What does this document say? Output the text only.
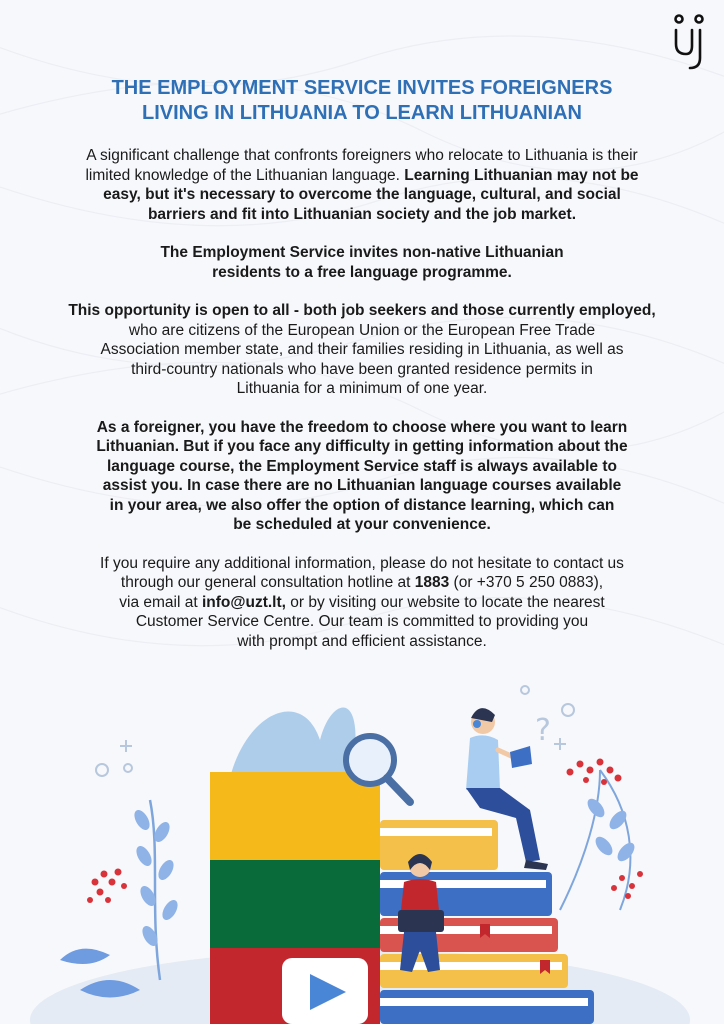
THE EMPLOYMENT SERVICE INVITES FOREIGNERS
LIVING IN LITHUANIA TO LEARN LITHUANIAN

A significant challenge that confronts foreigners who relocate to Lithuania is their
limited knowledge of the Lithuanian language. Learning Lithuanian may not be
easy, but it's necessary to overcome the language, cultural, and social
barriers and fit into Lithuanian society and the job market.

The Employment Service invites non-native Lithuanian
residents to a free language programme.

This opportunity is open to all - both job seekers and those currently employed,
who are citizens of the European Union or the European Free Trade
Association member state, and their families residing in Lithuania, as well as
third-country nationals who have been granted residence permits in
Lithuania for a minimum of one year.

As a foreigner, you have the freedom to choose where you want to learn
Lithuanian. But if you face any difficulty in getting information about the
language course, the Employment Service staff is always available to
assist you. In case there are no Lithuanian language courses available
in your area, we also offer the option of distance learning, which can
be scheduled at your convenience.

If you require any additional information, please do not hesitate to contact us
through our general consultation hotline at 1883 (or +370 5 250 0883),
via email at info@uzt.lt, or by visiting our website to locate the nearest
Customer Service Centre. Our team is committed to providing you
with prompt and efficient assistance.

?
